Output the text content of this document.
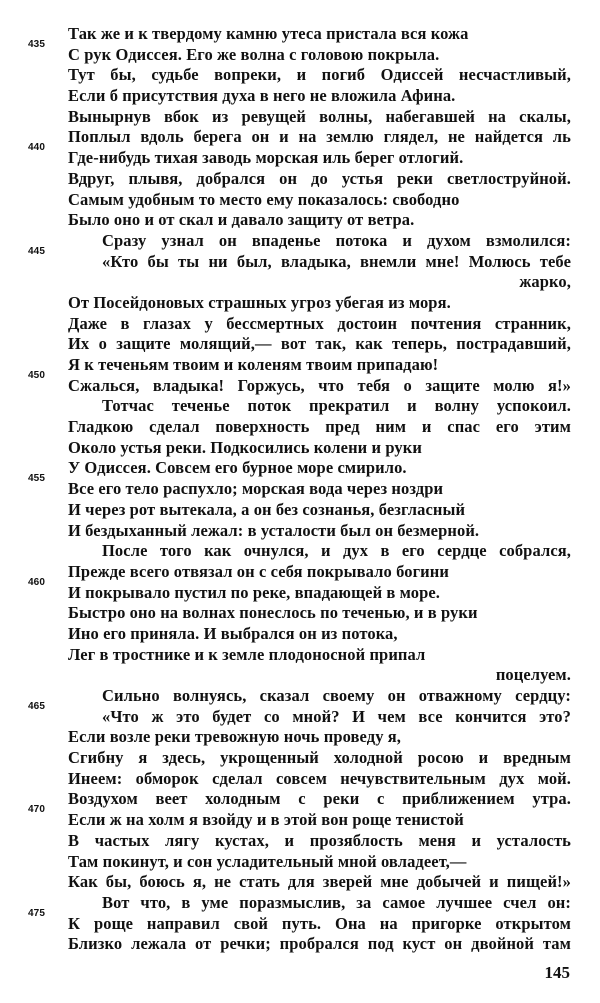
Так же и к твердому камню утеса пристала вся кожа
С рук Одиссея. Его же волна с головою покрыла.
435
Тут бы, судьбе вопреки, и погиб Одиссей несчастливый,
Если б присутствия духа в него не вложила Афина.
Вынырнув вбок из ревущей волны, набегавшей на скалы,
Поплыл вдоль берега он и на землю глядел, не найдется ль
Где-нибудь тихая заводь морская иль берег отлогий.
440
Вдруг, плывя, добрался он до устья реки светлоструйной.
Самым удобным то место ему показалось: свободно
Было оно и от скал и давало защиту от ветра.
Сразу узнал он впаденье потока и духом взмолился:
«Кто бы ты ни был, владыка, внемли мне! Молюсь тебе
445
жарко,
От Посейдоновых страшных угроз убегая из моря.
Даже в глазах у бессмертных достоин почтения странник,
Их о защите молящий,— вот так, как теперь, пострадавший,
Я к теченьям твоим и коленям твоим припадаю!
Сжалься, владыка! Горжусь, что тебя о защите молю я!»
450
Тотчас теченье поток прекратил и волну успокоил.
Гладкою сделал поверхность пред ним и спас его этим
Около устья реки. Подкосились колени и руки
У Одиссея. Совсем его бурное море смирило.
Все его тело распухло; морская вода через ноздри
455
И через рот вытекала, а он без сознанья, безгласный
И бездыханный лежал: в усталости был он безмерной.
После того как очнулся, и дух в его сердце собрался,
Прежде всего отвязал он с себя покрывало богини
И покрывало пустил по реке, впадающей в море.
460
Быстро оно на волнах понеслось по теченью, и в руки
Ино его приняла. И выбрался он из потока,
Лег в тростнике и к земле плодоносной припал
поцелуем.
Сильно волнуясь, сказал своему он отважному сердцу:
«Что ж это будет со мной? И чем все кончится это?
465
Если возле реки тревожную ночь проведу я,
Сгибну я здесь, укрощенный холодной росою и вредным
Инеем: обморок сделал совсем нечувствительным дух мой.
Воздухом веет холодным с реки с приближением утра.
Если ж на холм я взойду и в этой вон роще тенистой
470
В частых лягу кустах, и прозяблость меня и усталость
Там покинут, и сон усладительный мной овладеет,—
Как бы, боюсь я, не стать для зверей мне добычей и пищей!»
Вот что, в уме поразмыслив, за самое лучшее счел он:
К роще направил свой путь. Она на пригорке открытом
475
Близко лежала от речки; пробрался под куст он двойной там
145
